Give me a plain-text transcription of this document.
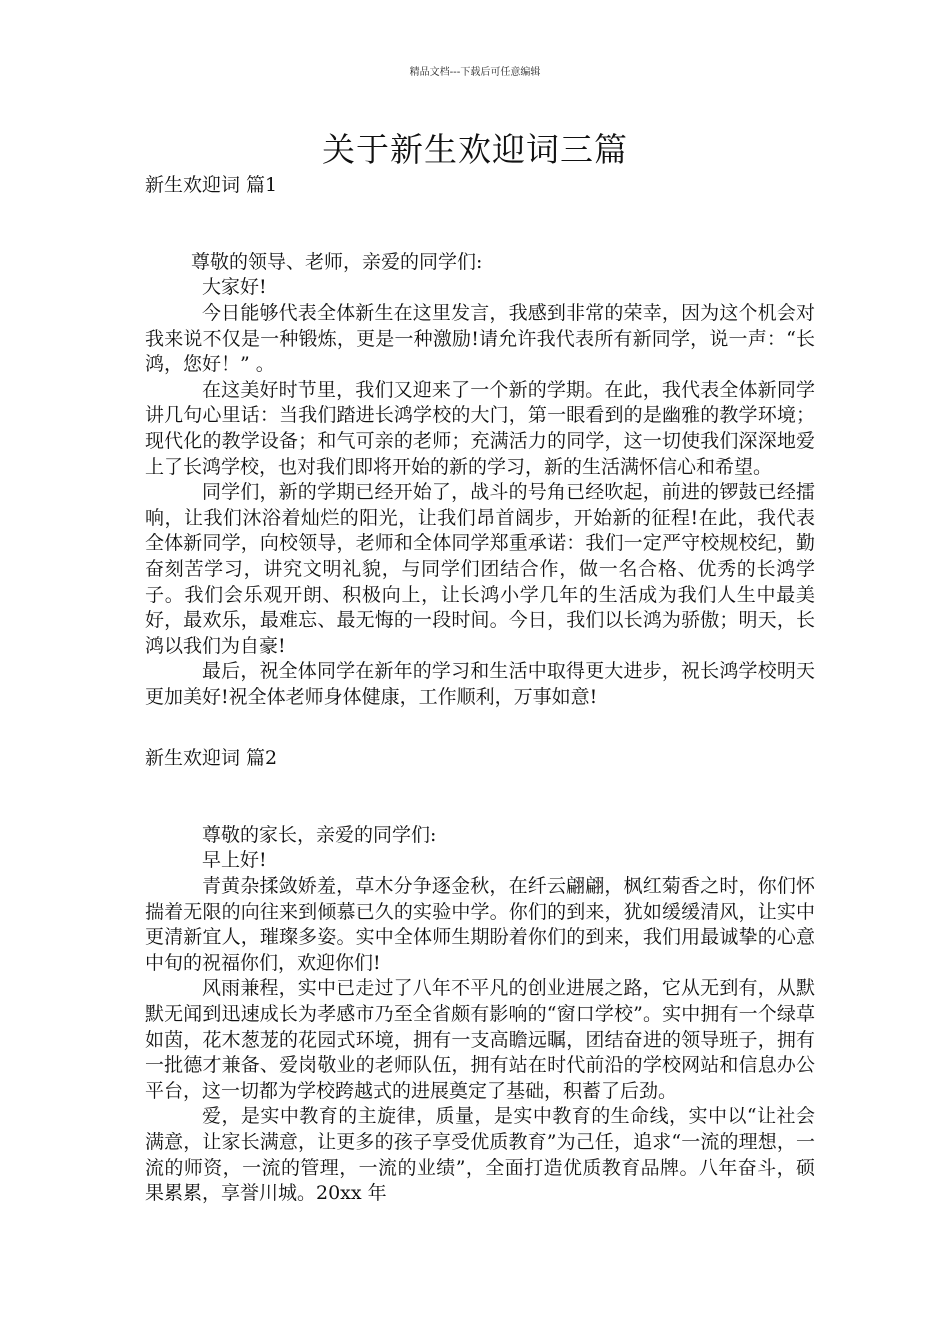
精品文档---下载后可任意编辑
关于新生欢迎词三篇
新生欢迎词 篇1

尊敬的领导、老师，亲爱的同学们:

大家好!

今日能够代表全体新生在这里发言，我感到非常的荣幸，因为这个机会对我来说不仅是一种锻炼，更是一种激励!请允许我代表所有新同学，说一声：“长鸿，您好！” 。

在这美好时节里，我们又迎来了一个新的学期。在此，我代表全体新同学讲几句心里话：当我们踏进长鸿学校的大门，第一眼看到的是幽雅的教学环境；现代化的教学设备；和气可亲的老师；充满活力的同学，这一切使我们深深地爱上了长鸿学校，也对我们即将开始的新的学习，新的生活满怀信心和希望。

同学们，新的学期已经开始了，战斗的号角已经吹起，前进的锣鼓已经擂响，让我们沐浴着灿烂的阳光，让我们昂首阔步，开始新的征程!在此，我代表全体新同学，向校领导，老师和全体同学郑重承诺：我们一定严守校规校纪，勤奋刻苦学习，讲究文明礼貌，与同学们团结合作，做一名合格、优秀的长鸿学子。我们会乐观开朗、积极向上，让长鸿小学几年的生活成为我们人生中最美好，最欢乐，最难忘、最无悔的一段时间。今日，我们以长鸿为骄傲；明天，长鸿以我们为自豪!

最后，祝全体同学在新年的学习和生活中取得更大进步，祝长鸿学校明天更加美好!祝全体老师身体健康，工作顺利，万事如意!

新生欢迎词 篇2

尊敬的家长，亲爱的同学们:

早上好!

青黄杂揉敛娇羞，草木分争逐金秋，在纤云翩翩，枫红菊香之时，你们怀揣着无限的向往来到倾慕已久的实验中学。你们的到来，犹如缓缓清风，让实中更清新宜人，璀璨多姿。实中全体师生期盼着你们的到来，我们用最诚挚的心意中旬的祝福你们，欢迎你们!

风雨兼程，实中已走过了八年不平凡的创业进展之路，它从无到有，从默默无闻到迅速成长为孝感市乃至全省颇有影响的“窗口学校”。实中拥有一个绿草如茵，花木葱茏的花园式环境，拥有一支高瞻远瞩，团结奋进的领导班子，拥有一批德才兼备、爱岗敬业的老师队伍，拥有站在时代前沿的学校网站和信息办公平台，这一切都为学校跨越式的进展奠定了基础，积蓄了后劲。

爱，是实中教育的主旋律，质量，是实中教育的生命线，实中以“让社会满意，让家长满意，让更多的孩子享受优质教育”为己任，追求“一流的理想，一流的师资，一流的管理，一流的业绩”，全面打造优质教育品牌。八年奋斗，硕果累累，享誉川城。20xx 年
